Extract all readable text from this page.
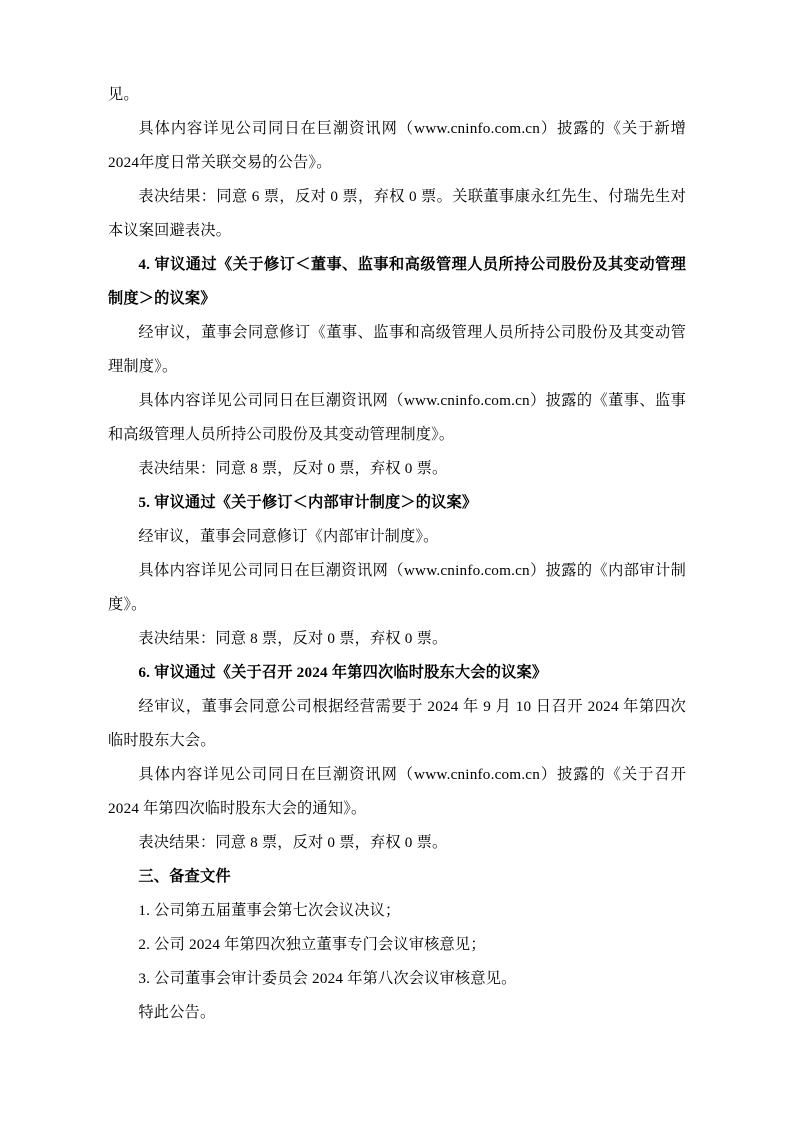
见。

具体内容详见公司同日在巨潮资讯网（www.cninfo.com.cn）披露的《关于新增2024年度日常关联交易的公告》。

表决结果：同意 6 票，反对 0 票，弃权 0 票。关联董事康永红先生、付瑞先生对本议案回避表决。

4. 审议通过《关于修订＜董事、监事和高级管理人员所持公司股份及其变动管理制度＞的议案》

经审议，董事会同意修订《董事、监事和高级管理人员所持公司股份及其变动管理制度》。

具体内容详见公司同日在巨潮资讯网（www.cninfo.com.cn）披露的《董事、监事和高级管理人员所持公司股份及其变动管理制度》。

表决结果：同意 8 票，反对 0 票，弃权 0 票。

5. 审议通过《关于修订＜内部审计制度＞的议案》

经审议，董事会同意修订《内部审计制度》。

具体内容详见公司同日在巨潮资讯网（www.cninfo.com.cn）披露的《内部审计制度》。

表决结果：同意 8 票，反对 0 票，弃权 0 票。

6. 审议通过《关于召开 2024 年第四次临时股东大会的议案》

经审议，董事会同意公司根据经营需要于 2024 年 9 月 10 日召开 2024 年第四次临时股东大会。

具体内容详见公司同日在巨潮资讯网（www.cninfo.com.cn）披露的《关于召开 2024 年第四次临时股东大会的通知》。

表决结果：同意 8 票，反对 0 票，弃权 0 票。

三、备查文件

1. 公司第五届董事会第七次会议决议；

2. 公司 2024 年第四次独立董事专门会议审核意见；

3. 公司董事会审计委员会 2024 年第八次会议审核意见。

特此公告。
